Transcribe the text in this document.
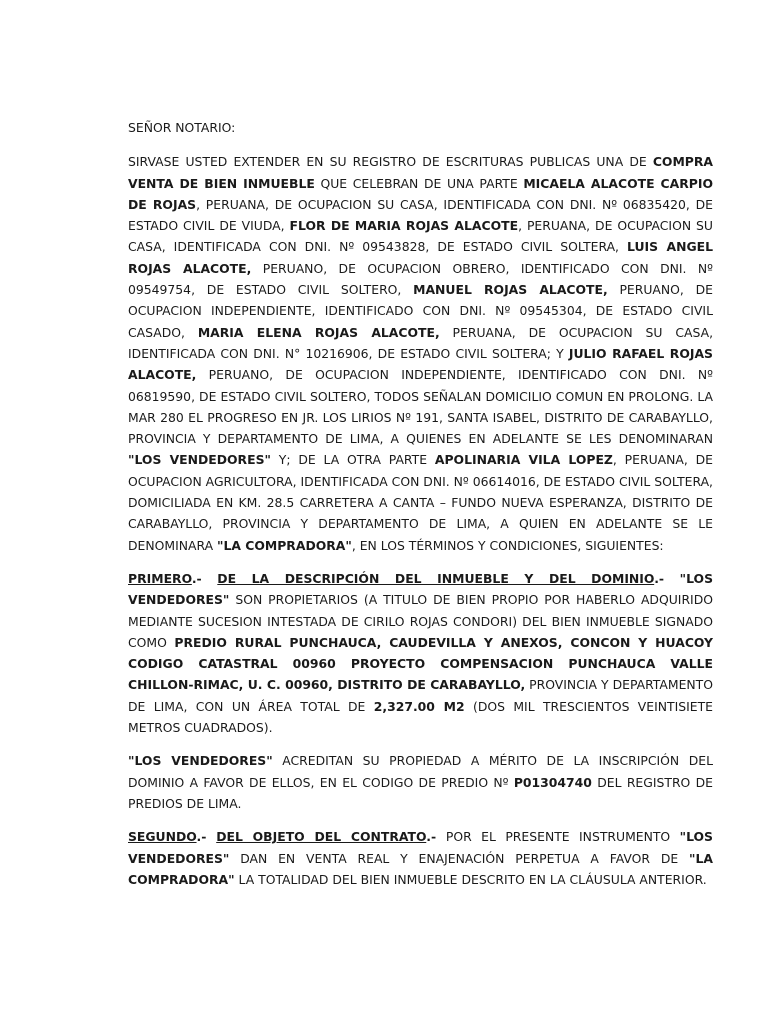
SEÑOR NOTARIO:

SIRVASE USTED EXTENDER EN SU REGISTRO DE ESCRITURAS PUBLICAS UNA DE COMPRA VENTA DE BIEN INMUEBLE QUE CELEBRAN DE UNA PARTE MICAELA ALACOTE CARPIO DE ROJAS, PERUANA, DE OCUPACION SU CASA, IDENTIFICADA CON DNI. Nº 06835420, DE ESTADO CIVIL DE VIUDA, FLOR DE MARIA ROJAS ALACOTE, PERUANA, DE OCUPACION SU CASA, IDENTIFICADA CON DNI. Nº 09543828, DE ESTADO CIVIL SOLTERA, LUIS ANGEL ROJAS ALACOTE, PERUANO, DE OCUPACION OBRERO, IDENTIFICADO CON DNI. Nº 09549754, DE ESTADO CIVIL SOLTERO, MANUEL ROJAS ALACOTE, PERUANO, DE OCUPACION INDEPENDIENTE, IDENTIFICADO CON DNI. Nº 09545304, DE ESTADO CIVIL CASADO, MARIA ELENA ROJAS ALACOTE, PERUANA, DE OCUPACION SU CASA, IDENTIFICADA CON DNI. N° 10216906, DE ESTADO CIVIL SOLTERA; Y JULIO RAFAEL ROJAS ALACOTE, PERUANO, DE OCUPACION INDEPENDIENTE, IDENTIFICADO CON DNI. Nº 06819590, DE ESTADO CIVIL SOLTERO, TODOS SEÑALAN DOMICILIO COMUN EN PROLONG. LA MAR 280 EL PROGRESO EN JR. LOS LIRIOS Nº 191, SANTA ISABEL, DISTRITO DE CARABAYLLO, PROVINCIA Y DEPARTAMENTO DE LIMA, A QUIENES EN ADELANTE SE LES DENOMINARAN "LOS VENDEDORES" Y; DE LA OTRA PARTE APOLINARIA VILA LOPEZ, PERUANA, DE OCUPACION AGRICULTORA, IDENTIFICADA CON DNI. Nº 06614016, DE ESTADO CIVIL SOLTERA, DOMICILIADA EN KM. 28.5 CARRETERA A CANTA – FUNDO NUEVA ESPERANZA, DISTRITO DE CARABAYLLO, PROVINCIA Y DEPARTAMENTO DE LIMA, A QUIEN EN ADELANTE SE LE DENOMINARA "LA COMPRADORA", EN LOS TÉRMINOS Y CONDICIONES, SIGUIENTES:

PRIMERO.- DE LA DESCRIPCIÓN DEL INMUEBLE Y DEL DOMINIO.- "LOS VENDEDORES" SON PROPIETARIOS (A TITULO DE BIEN PROPIO POR HABERLO ADQUIRIDO MEDIANTE SUCESION INTESTADA DE CIRILO ROJAS CONDORI) DEL BIEN INMUEBLE SIGNADO COMO PREDIO RURAL PUNCHAUCA, CAUDEVILLA Y ANEXOS, CONCON Y HUACOY CODIGO CATASTRAL 00960 PROYECTO COMPENSACION PUNCHAUCA VALLE CHILLON-RIMAC, U. C. 00960, DISTRITO DE CARABAYLLO, PROVINCIA Y DEPARTAMENTO DE LIMA, CON UN ÁREA TOTAL DE 2,327.00 M2 (DOS MIL TRESCIENTOS VEINTISIETE METROS CUADRADOS).

"LOS VENDEDORES" ACREDITAN SU PROPIEDAD A MÉRITO DE LA INSCRIPCIÓN DEL DOMINIO A FAVOR DE ELLOS, EN EL CODIGO DE PREDIO Nº P01304740 DEL REGISTRO DE PREDIOS DE LIMA.

SEGUNDO.- DEL OBJETO DEL CONTRATO.- POR EL PRESENTE INSTRUMENTO "LOS VENDEDORES" DAN EN VENTA REAL Y ENAJENACIÓN PERPETUA A FAVOR DE "LA COMPRADORA" LA TOTALIDAD DEL BIEN INMUEBLE DESCRITO EN LA CLÁUSULA ANTERIOR.
